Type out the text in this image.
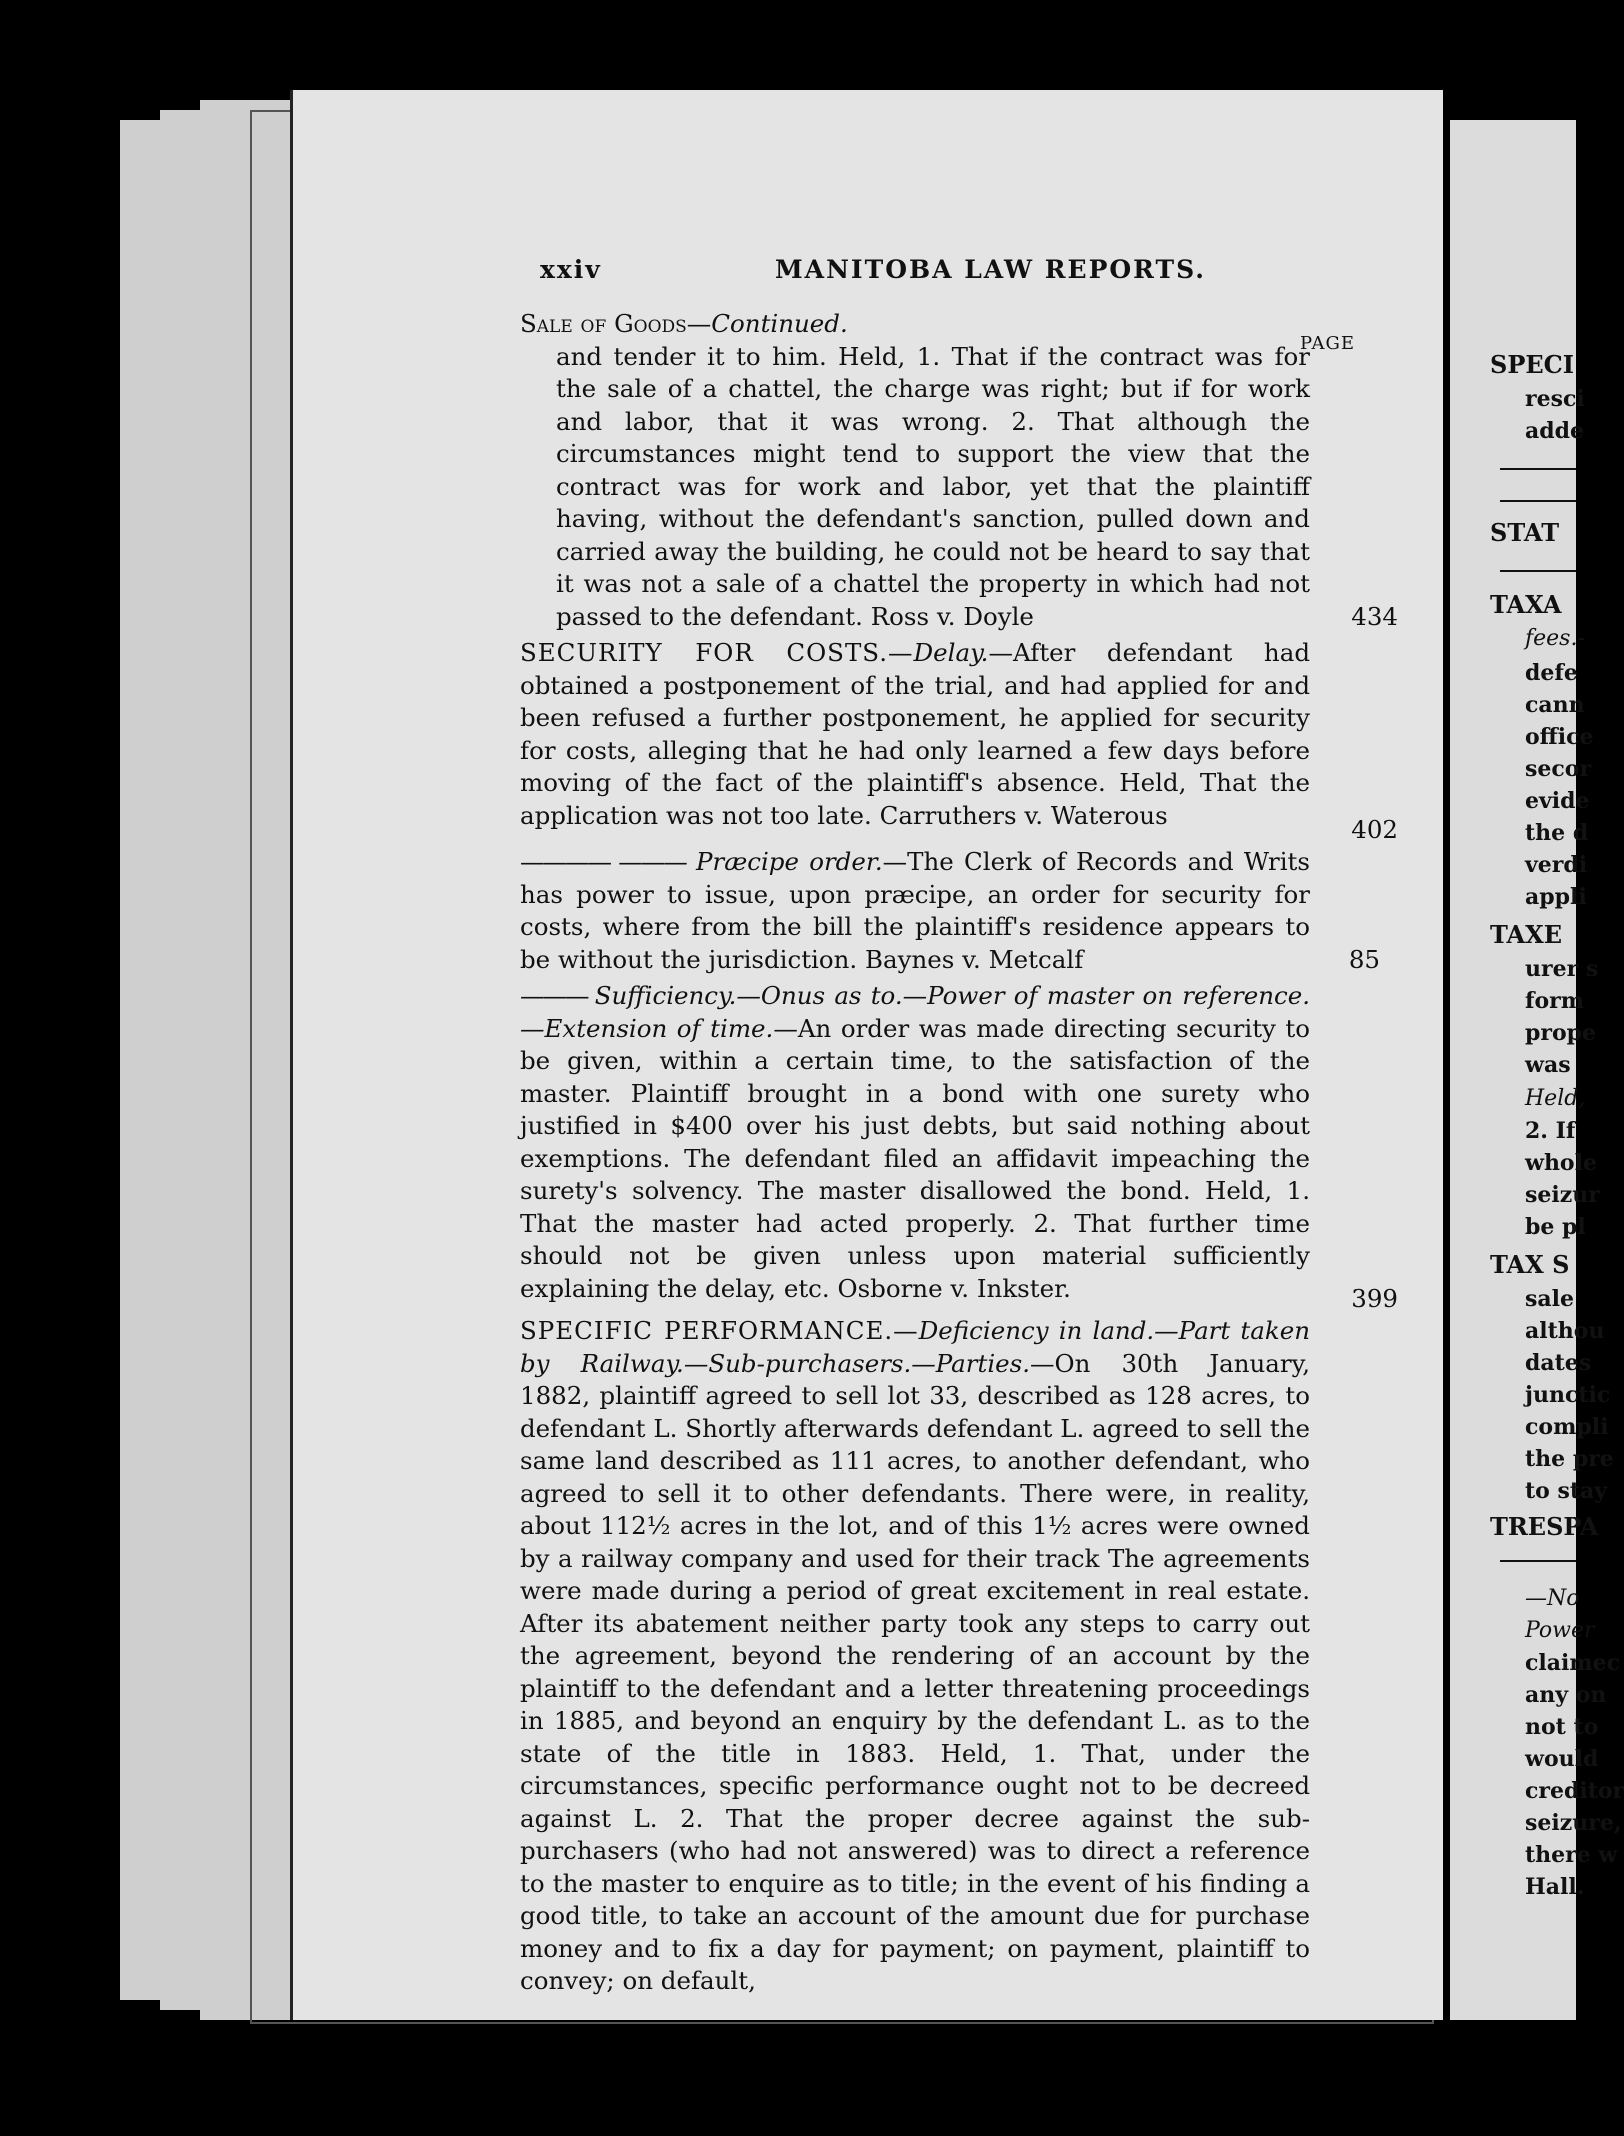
xxiv	MANITOBA LAW REPORTS.
PAGE

Sale of Goods—Continued.

and tender it to him. Held, 1. That if the contract was for the sale of a chattel, the charge was right; but if for work and labor, that it was wrong. 2. That although the circumstances might tend to support the view that the contract was for work and labor, yet that the plaintiff having, without the defendant's sanction, pulled down and carried away the building, he could not be heard to say that it was not a sale of a chattel the property in which had not passed to the defendant. Ross v. Doyle	434

SECURITY FOR COSTS.—Delay.—After defendant had obtained a postponement of the trial, and had applied for and been refused a further postponement, he applied for security for costs, alleging that he had only learned a few days before moving of the fact of the plaintiff's absence. Held, That the application was not too late. Carruthers v. Waterous	402

———— ——— Præcipe order.—The Clerk of Records and Writs has power to issue, upon præcipe, an order for security for costs, where from the bill the plaintiff's residence appears to be without the jurisdiction. Baynes v. Metcalf	85

——— Sufficiency.—Onus as to.—Power of master on reference.—Extension of time.—An order was made directing security to be given, within a certain time, to the satisfaction of the master. Plaintiff brought in a bond with one surety who justified in $400 over his just debts, but said nothing about exemptions. The defendant filed an affidavit impeaching the surety's solvency. The master disallowed the bond. Held, 1. That the master had acted properly. 2. That further time should not be given unless upon material sufficiently explaining the delay, etc. Osborne v. Inkster.	399

SPECIFIC PERFORMANCE.—Deficiency in land.—Part taken by Railway.—Sub-purchasers.—Parties.—On 30th January, 1882, plaintiff agreed to sell lot 33, described as 128 acres, to defendant L. Shortly afterwards defendant L. agreed to sell the same land described as 111 acres, to another defendant, who agreed to sell it to other defendants. There were, in reality, about 112½ acres in the lot, and of this 1½ acres were owned by a railway company and used for their track The agreements were made during a period of great excitement in real estate. After its abatement neither party took any steps to carry out the agreement, beyond the rendering of an account by the plaintiff to the defendant and a letter threatening proceedings in 1885, and beyond an enquiry by the defendant L. as to the state of the title in 1883. Held, 1. That, under the circumstances, specific performance ought not to be decreed against L. 2. That the proper decree against the sub-purchasers (who had not answered) was to direct a reference to the master to enquire as to title; in the event of his finding a good title, to take an account of the amount due for purchase money and to fix a day for payment; on payment, plaintiff to convey; on default,

SPECI
resci
adde
STAT
TAXA
fees.-
defe
cann
office
secor
evide
the d
verdi
appli
TAXE
urer s
form
prope
was
Held,
2. If
whole
seizur
be pl
TAX S
sale
althou
dates
junctic
compli
the pre
to stay
TRESPA
—No
Power
claimec
any on
not to
would
creditor
seizure,
there w
Hall.
